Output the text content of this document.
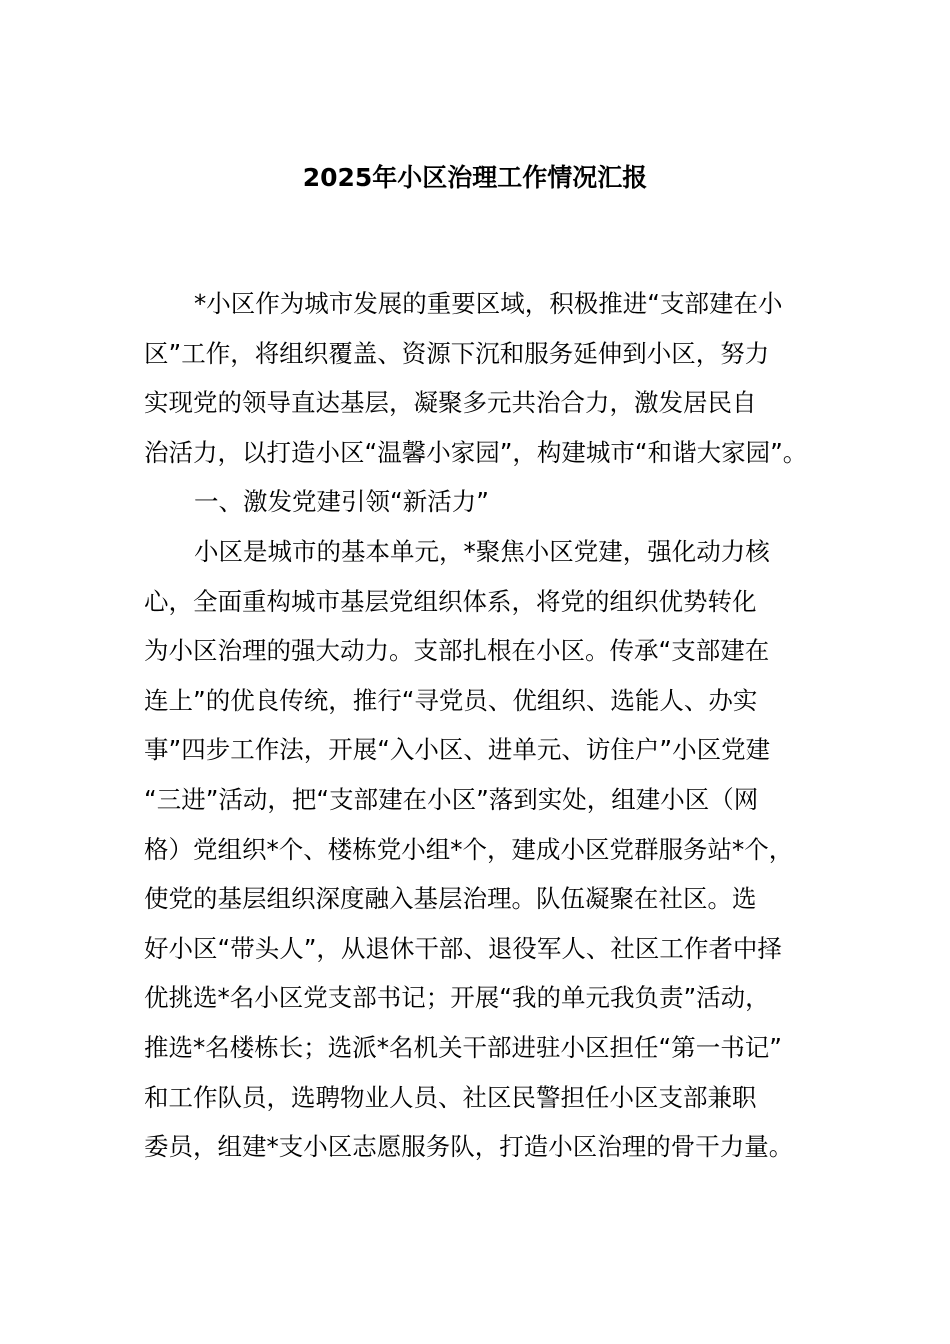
2025年小区治理工作情况汇报
*小区作为城市发展的重要区域，积极推进“支部建在小
区”工作，将组织覆盖、资源下沉和服务延伸到小区，努力
实现党的领导直达基层，凝聚多元共治合力，激发居民自
治活力，以打造小区“温馨小家园”，构建城市“和谐大家园”。
一、激发党建引领“新活力”
小区是城市的基本单元，*聚焦小区党建，强化动力核
心，全面重构城市基层党组织体系，将党的组织优势转化
为小区治理的强大动力。支部扎根在小区。传承“支部建在
连上”的优良传统，推行“寻党员、优组织、选能人、办实
事”四步工作法，开展“入小区、进单元、访住户”小区党建
“三进”活动，把“支部建在小区”落到实处，组建小区（网
格）党组织*个、楼栋党小组*个，建成小区党群服务站*个，
使党的基层组织深度融入基层治理。队伍凝聚在社区。选
好小区“带头人”，从退休干部、退役军人、社区工作者中择
优挑选*名小区党支部书记；开展“我的单元我负责”活动，
推选*名楼栋长；选派*名机关干部进驻小区担任“第一书记”
和工作队员，选聘物业人员、社区民警担任小区支部兼职
委员，组建*支小区志愿服务队，打造小区治理的骨干力量。
